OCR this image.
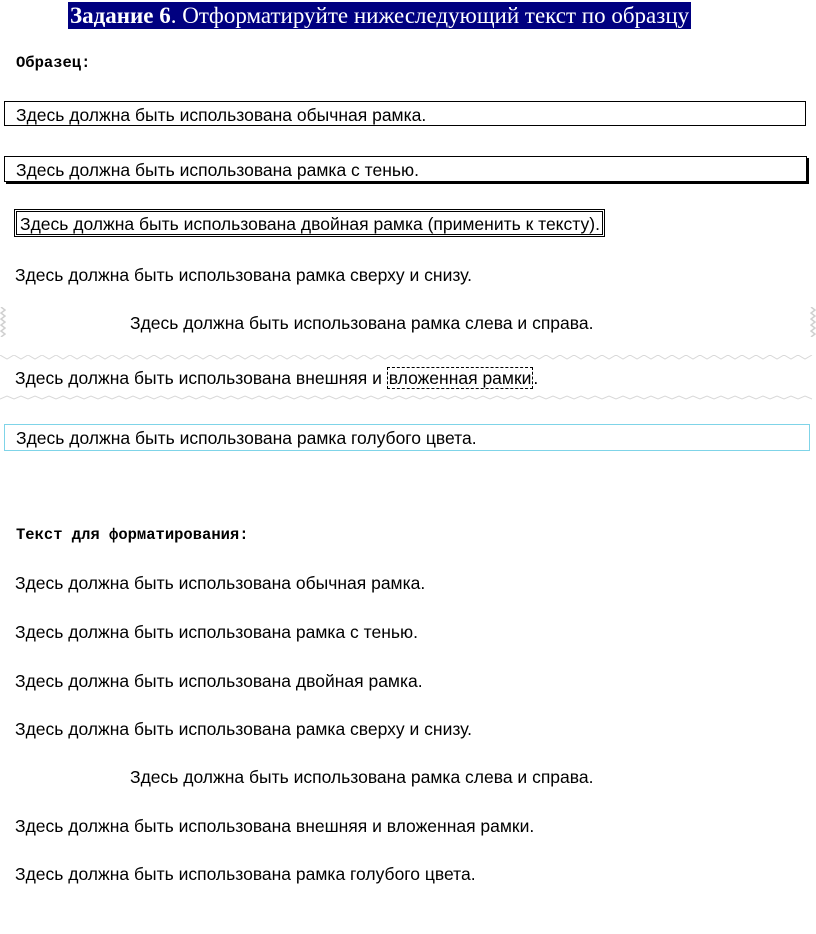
Задание 6. Отформатируйте нижеследующий текст по образцу
Образец:
Здесь должна быть использована обычная рамка.
Здесь должна быть использована рамка с тенью.
Здесь должна быть использована двойная рамка (применить к тексту).
Здесь должна быть использована рамка сверху и снизу.
Здесь должна быть использована рамка слева и справа.
Здесь должна быть использована внешняя и вложенная рамки .
Здесь должна быть использована рамка голубого цвета.
Текст для форматирования:
Здесь должна быть использована обычная рамка.
Здесь должна быть использована рамка с тенью.
Здесь должна быть использована двойная рамка.
Здесь должна быть использована рамка сверху и снизу.
Здесь должна быть использована рамка слева и справа.
Здесь должна быть использована внешняя и вложенная рамки.
Здесь должна быть использована рамка голубого цвета.
